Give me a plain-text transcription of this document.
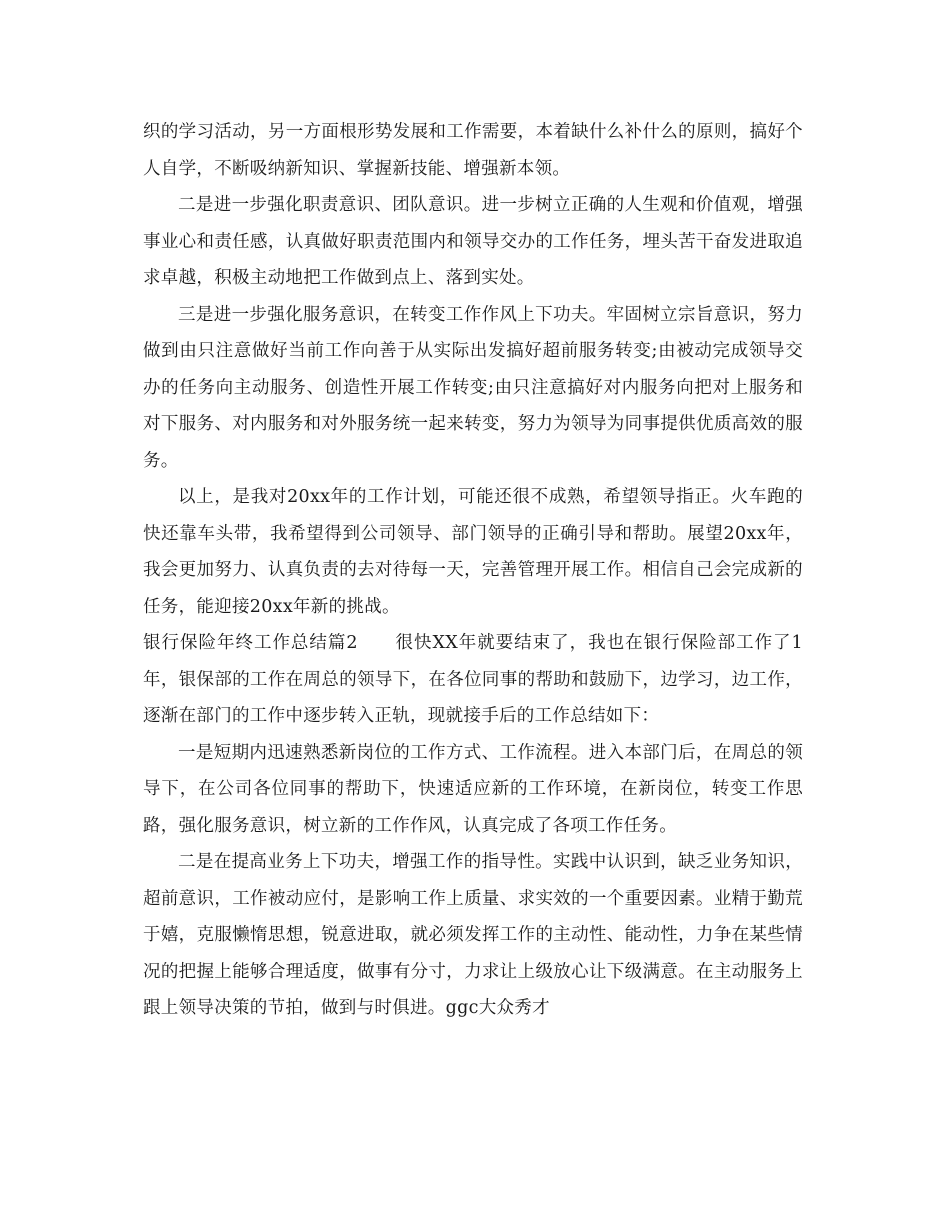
织的学习活动，另一方面根形势发展和工作需要，本着缺什么补什么的原则，搞好个人自学，不断吸纳新知识、掌握新技能、增强新本领。

二是进一步强化职责意识、团队意识。进一步树立正确的人生观和价值观，增强事业心和责任感，认真做好职责范围内和领导交办的工作任务，埋头苦干奋发进取追求卓越，积极主动地把工作做到点上、落到实处。

三是进一步强化服务意识，在转变工作作风上下功夫。牢固树立宗旨意识，努力做到由只注意做好当前工作向善于从实际出发搞好超前服务转变;由被动完成领导交办的任务向主动服务、创造性开展工作转变;由只注意搞好对内服务向把对上服务和对下服务、对内服务和对外服务统一起来转变，努力为领导为同事提供优质高效的服务。

以上，是我对20xx年的工作计划，可能还很不成熟，希望领导指正。火车跑的快还靠车头带，我希望得到公司领导、部门领导的正确引导和帮助。展望20xx年，我会更加努力、认真负责的去对待每一天，完善管理开展工作。相信自己会完成新的任务，能迎接20xx年新的挑战。

银行保险年终工作总结篇2　　很快XX年就要结束了，我也在银行保险部工作了1年，银保部的工作在周总的领导下，在各位同事的帮助和鼓励下，边学习，边工作，逐渐在部门的工作中逐步转入正轨，现就接手后的工作总结如下：

一是短期内迅速熟悉新岗位的工作方式、工作流程。进入本部门后，在周总的领导下，在公司各位同事的帮助下，快速适应新的工作环境，在新岗位，转变工作思路，强化服务意识，树立新的工作作风，认真完成了各项工作任务。

二是在提高业务上下功夫，增强工作的指导性。实践中认识到，缺乏业务知识，超前意识，工作被动应付，是影响工作上质量、求实效的一个重要因素。业精于勤荒于嬉，克服懒惰思想，锐意进取，就必须发挥工作的主动性、能动性，力争在某些情况的把握上能够合理适度，做事有分寸，力求让上级放心让下级满意。在主动服务上跟上领导决策的节拍，做到与时俱进。ggc大众秀才
